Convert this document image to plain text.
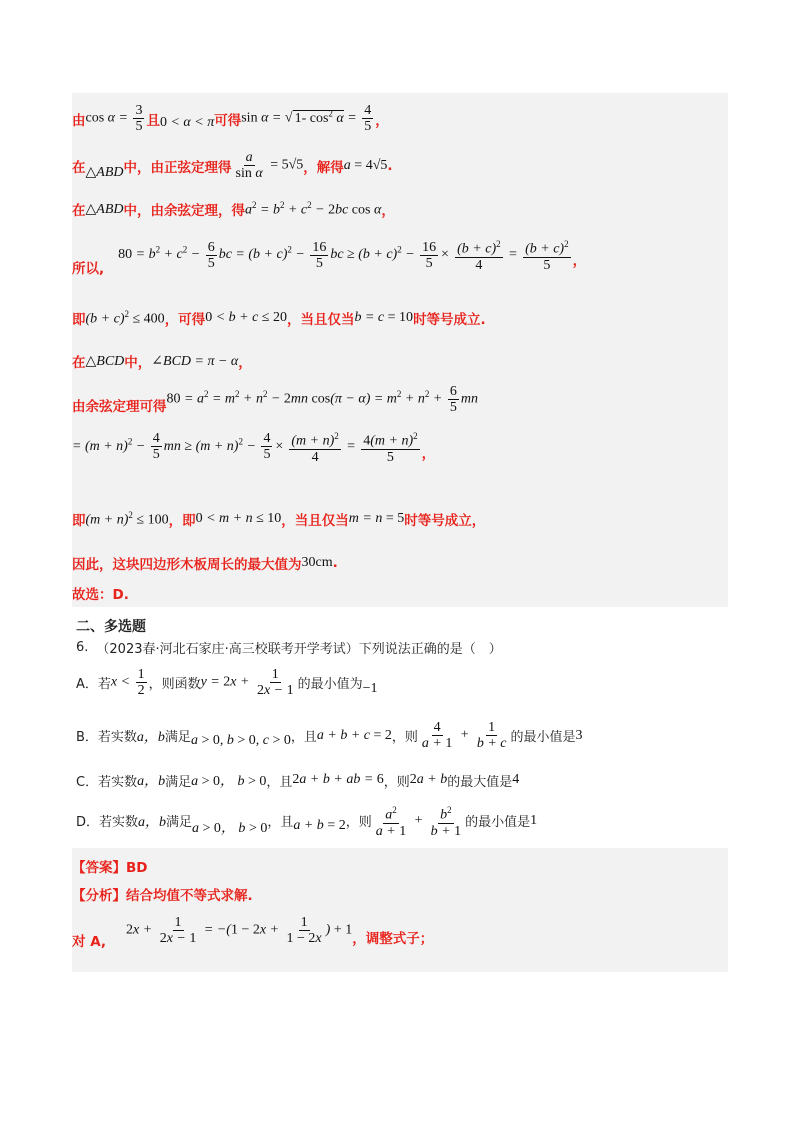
由 $\cos \alpha = \frac{3}{5}$ 且 0 < α < π 可得 sin α = √ 1- $\cos^2 \alpha = \frac{4}{5}$ ，
在 △ABD 中，由正弦定理得 $\frac{a}{\text{sin α}} = 5√5$ ，解得 a = 4√5 .
在 △ABD 中，由余弦定理，得 $a^2 = b^2 + c^2 - 2bc$ cos α ，
所以,
$80 = b^2 + c^2 - \frac{6}{5}$ bc = $(b + c)^2 - \frac{16}{5}$ bc ≥ $(b + c)^2 - \frac{16}{5} \times \frac{(b + c)^2}{4} = \frac{(b + c)^2}{5}$ ，
即 $(b + c)^2 \le 400$ ，可得 0 < b + c ≤ 20 ，当且仅当 b = c = 10 时等号成立.
在 △BCD 中， ∠BCD = π − α ，
由余弦定理可得
$80 = a^2 = m^2 + n^2 - 2mn$ $\cos(\pi - \alpha) = m^2 + n^2 + \frac{6}{5}$ mn
= $(m + n)^2 - \frac{4}{5}$ mn ≥ $(m + n)^2 - \frac{4}{5} \times \frac{(m + n)^2}{4} = \frac{4(m + n)^2}{5}$ ，
即 $(m + n)^2 \le 100$ ，即 0 < m + n ≤ 10 ，当且仅当 m = n = 5 时等号成立，
因此，这块四边形木板周长的最大值为 30cm .
故选：D.
二、多选题
6. （2023春·河北石家庄·高三校联考开学考试）下列说法正确的是（　）
A．若 $x < \frac{1}{2}$ ，则函数 $y = 2x + \frac{1}{2x - 1}$ 的最小值为 −1
B．若实数 a，b 满足 a > 0, b > 0, c > 0 ，且 a + b + c = 2 ，则 $\frac{4}{a + 1} + \frac{1}{b + c}$ 的最小值是 3
C．若实数 a，b 满足 a > 0， b > 0 ，且 2a + b + ab = 6 ，则 2a + b 的最大值是 4
D．若实数 a，b 满足 a > 0， b > 0 ，且 a + b = 2 ，则 $\frac{a^2}{a + 1} + \frac{b^2}{b + 1}$ 的最小值是 1
【答案】BD
【分析】结合均值不等式求解.
对 A,
$2x + \frac{1}{2x - 1} = -(1 - 2x + \frac{1}{1 - 2x}$ ) + 1
，调整式子；
